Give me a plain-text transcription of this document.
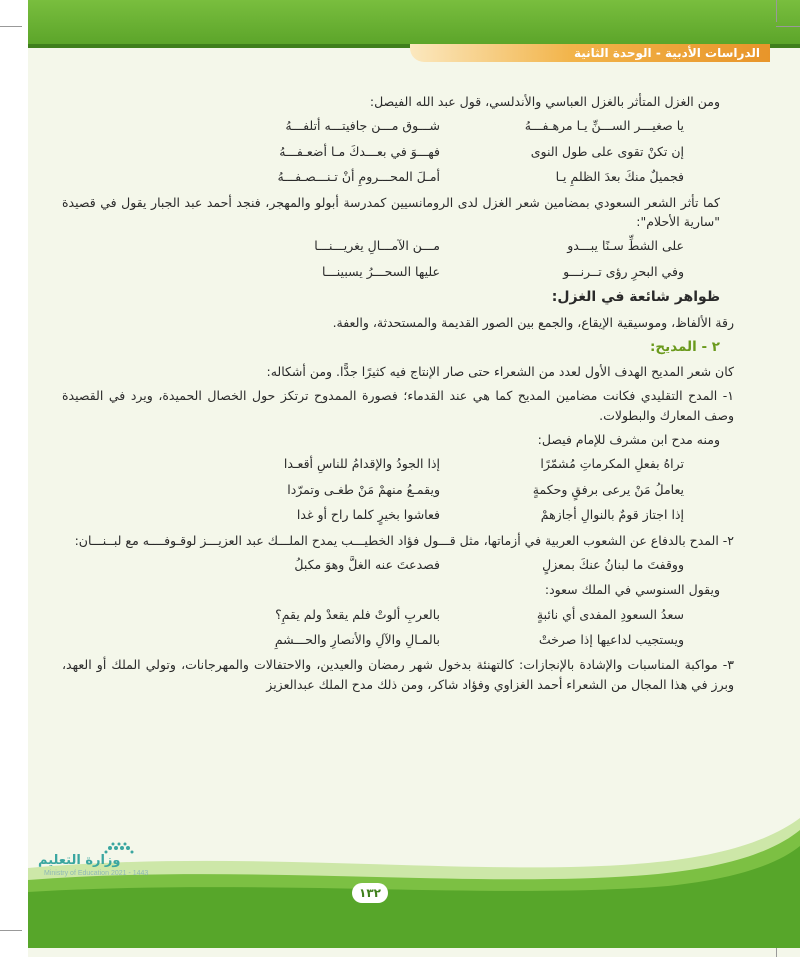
الدراسات الأدبية - الوحدة الثانية

ومن الغزل المتأثر بالغزل العباسي والأندلسي، قول عبد الله الفيصل:

يا صغيـــر الســـنِّ يـا مرهـفـــهُ
شـــوق مـــن جافيتـــه أتلفـــهُ
إن تكنْ تقوى على طول النوى
فهـــوَ في بعـــدكَ مـا أضعـفـــهُ
فجميلٌ منكَ بعدَ الظلمِ يـا
أمـلَ المحـــرومِ أنْ تـنـــصـفـــهُ

كما تأثر الشعر السعودي بمضامين شعر الغزل لدى الرومانسيين كمدرسة أبولو والمهجر، فنجد أحمد عبد الجبار يقول في قصيدة "سارية الأحلام":

على الشطِّ سـنًا يبـــدو
مـــن الآمـــالِ يغريـــنـــا
وفي البحرِ رؤى تــرنـــو
عليها السحـــرُ يسبينـــا
ظواهر شائعة في الغزل:

رقة الألفاظ، وموسيقية الإيقاع، والجمع بين الصور القديمة والمستحدثة، والعفة.

٢ - المديح:

كان شعر المديح الهدف الأول لعدد من الشعراء حتى صار الإنتاج فيه كثيرًا جدًّا. ومن أشكاله:

١- المدح التقليدي فكانت مضامين المديح كما هي عند القدماء؛ فصورة الممدوح ترتكز حول الخصال الحميدة، ويرد في القصيدة وصف المعارك والبطولات.

ومنه مدح ابن مشرف للإمام فيصل:

تراهُ بفعلِ المكرماتِ مُشمّرًا
إذا الجودُ والإقدامُ للناسِ أقعـدا
يعاملُ مَنْ يرعى برفقٍ وحكمةٍ
ويقمـعُ منهمْ مَنْ طغـى وتمرّدا
إذا اجتاز قومٌ بالنوالِ أجازهمْ
فعاشوا بخيرٍ كلما راح أو غدا

٢- المدح بالدفاع عن الشعوب العربية في أزماتها، مثل قـــول فؤاد الخطيـــب يمدح الملـــك عبد العزيـــز لوقـوفــــه مع لبــنـــان:

ووقفتَ ما لبنانُ عنكَ بمعزلٍ
فصدعتَ عنه الغلَّ وهوَ مكبلُ

ويقول السنوسي في الملك سعود:

سعدُ السعودِ المفدى أي نائبةٍ
بالعربِ ألوتْ فلم يقعدْ ولم يقمِ؟
ويستجيب لداعيها إذا صرختْ
بالمـالِ والآلِ والأنصارِ والحـــشمِ

٣- مواكبة المناسبات والإشادة بالإنجازات: كالتهنئة بدخول شهر رمضان والعيدين، والاحتفالات والمهرجانات، وتولي الملك أو العهد، وبرز في هذا المجال من الشعراء أحمد الغزاوي وفؤاد شاكر، ومن ذلك مدح الملك عبدالعزيز

١٣٢
وزارة التعليم
Ministry of Education 2021 - 1443
